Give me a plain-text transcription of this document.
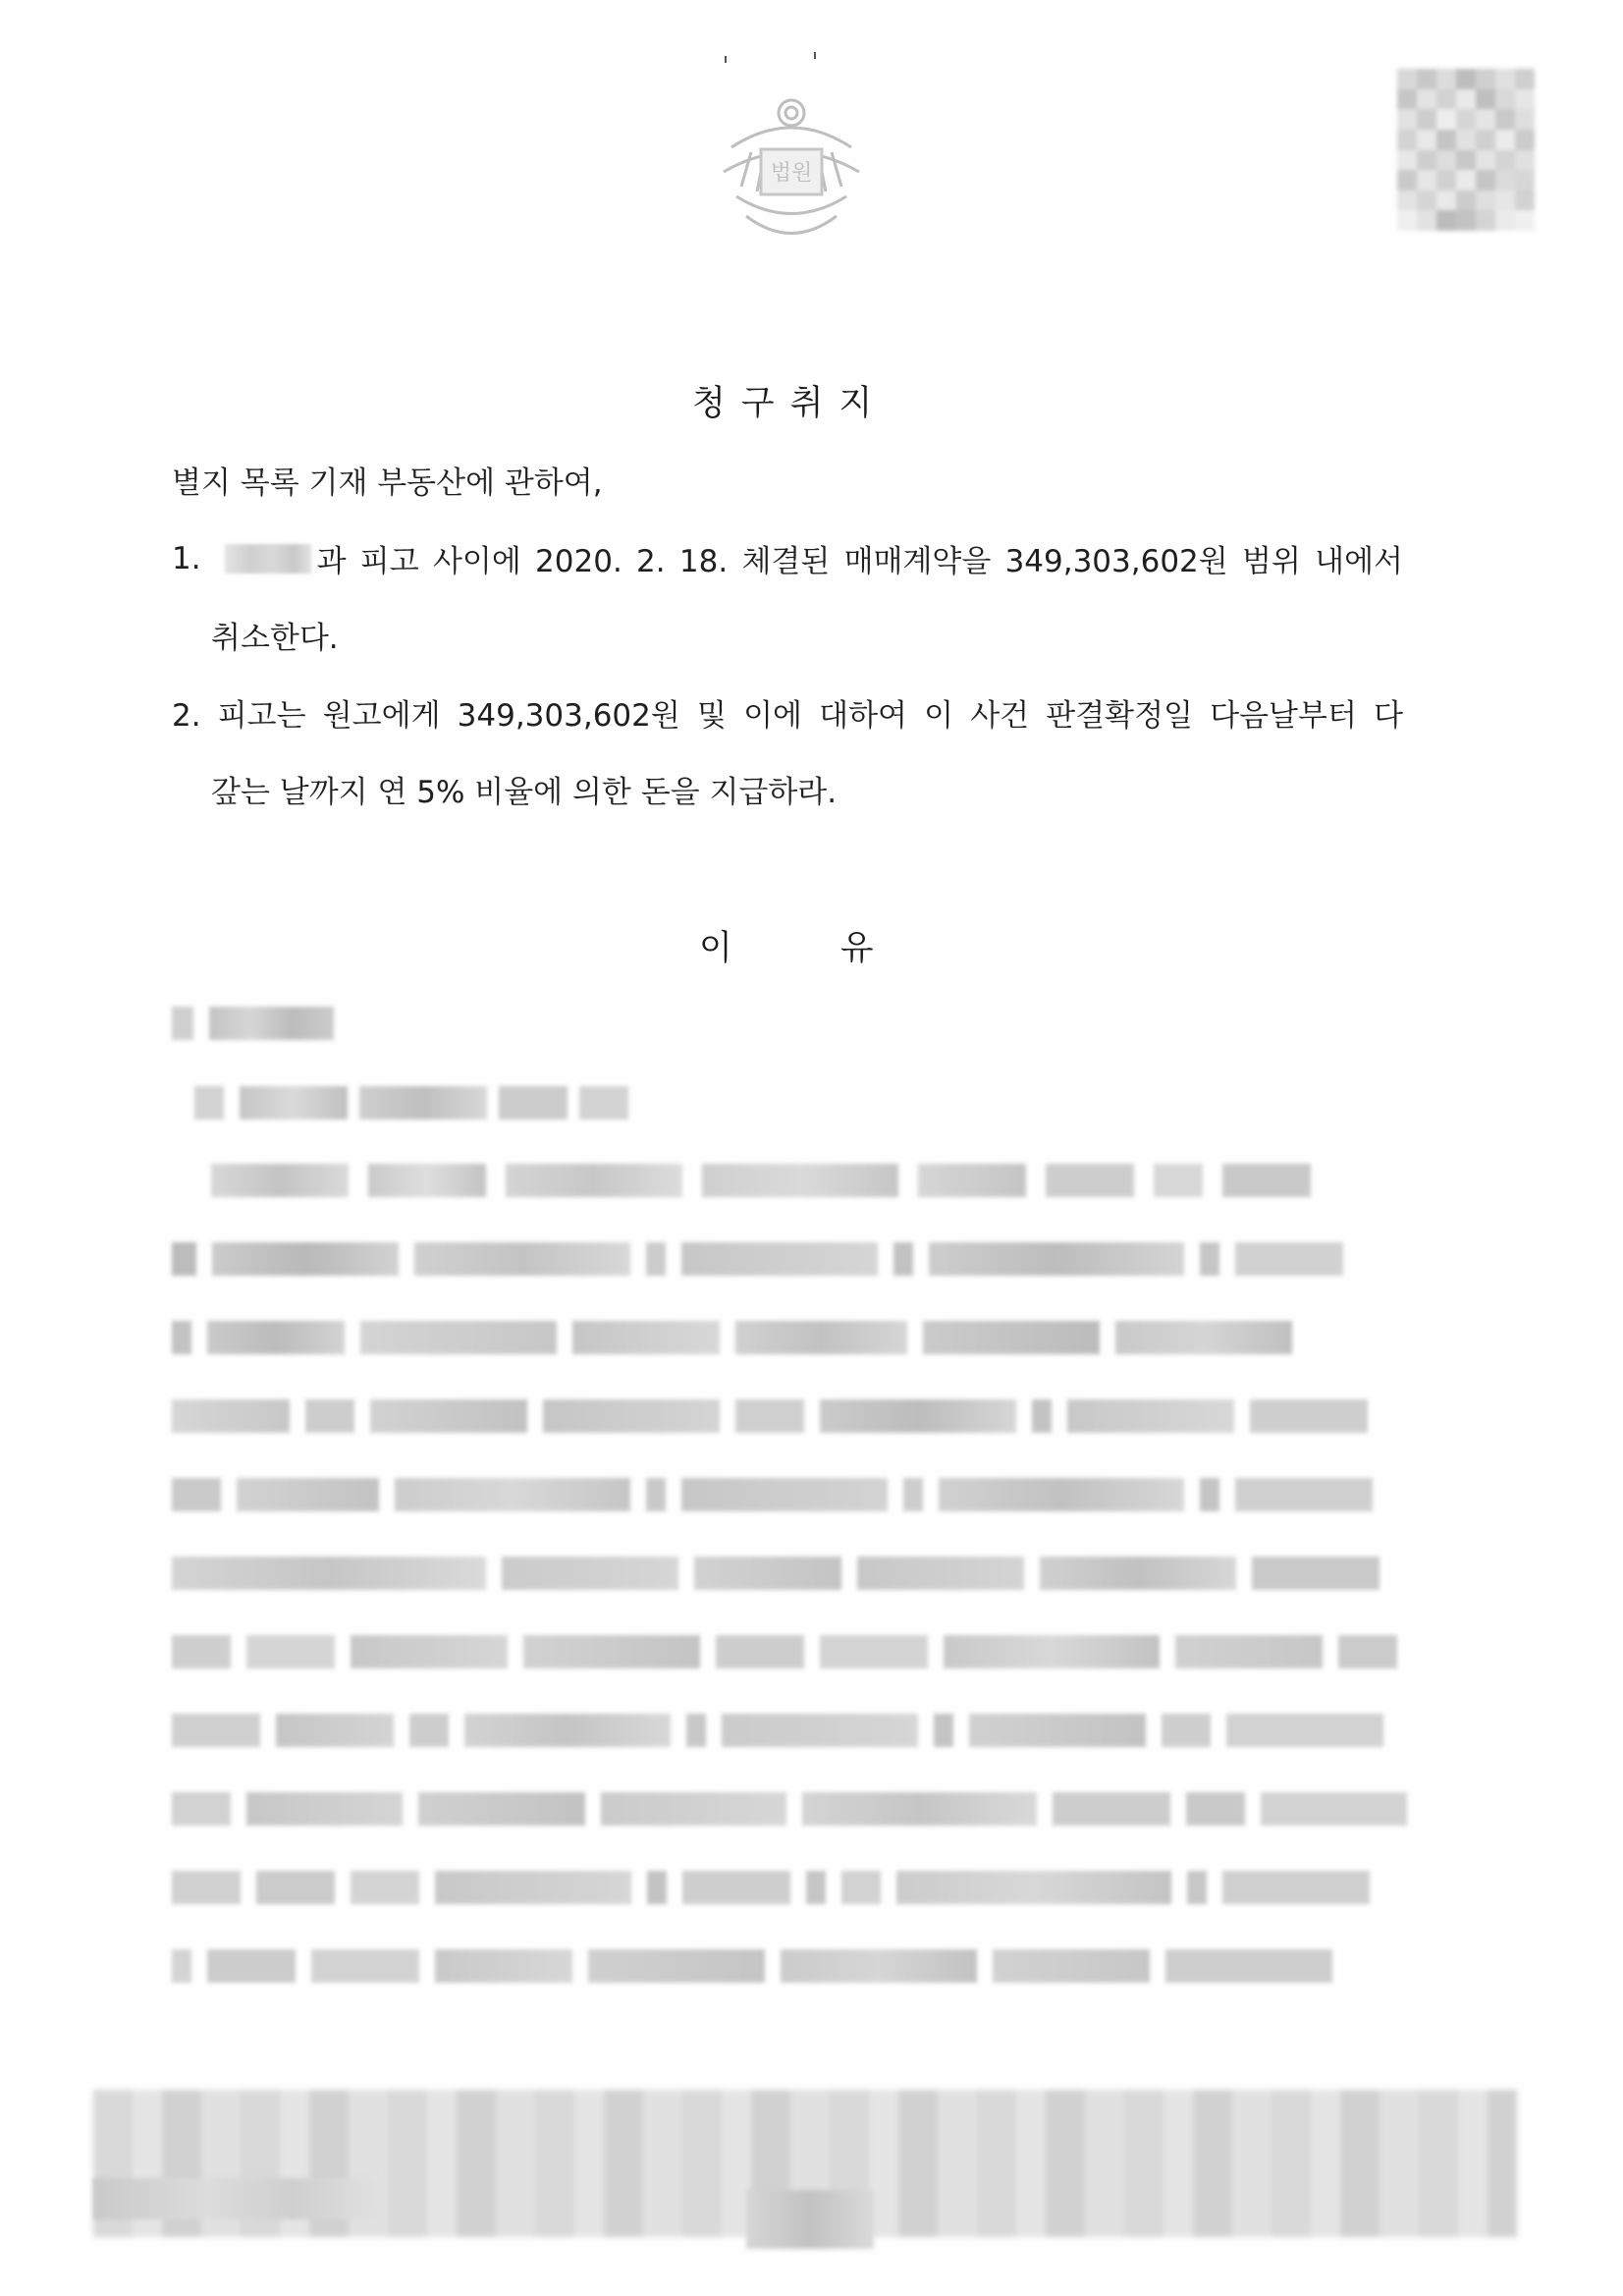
법원
청구취지
별지 목록 기재 부동산에 관하여,
1.	과 피고 사이에 2020. 2. 18. 체결된 매매계약을 349,303,602원 범위 내에서
취소한다.
2. 피고는 원고에게 349,303,602원 및 이에 대하여 이 사건 판결확정일 다음날부터 다
갚는 날까지 연 5% 비율에 의한 돈을 지급하라.
이유
